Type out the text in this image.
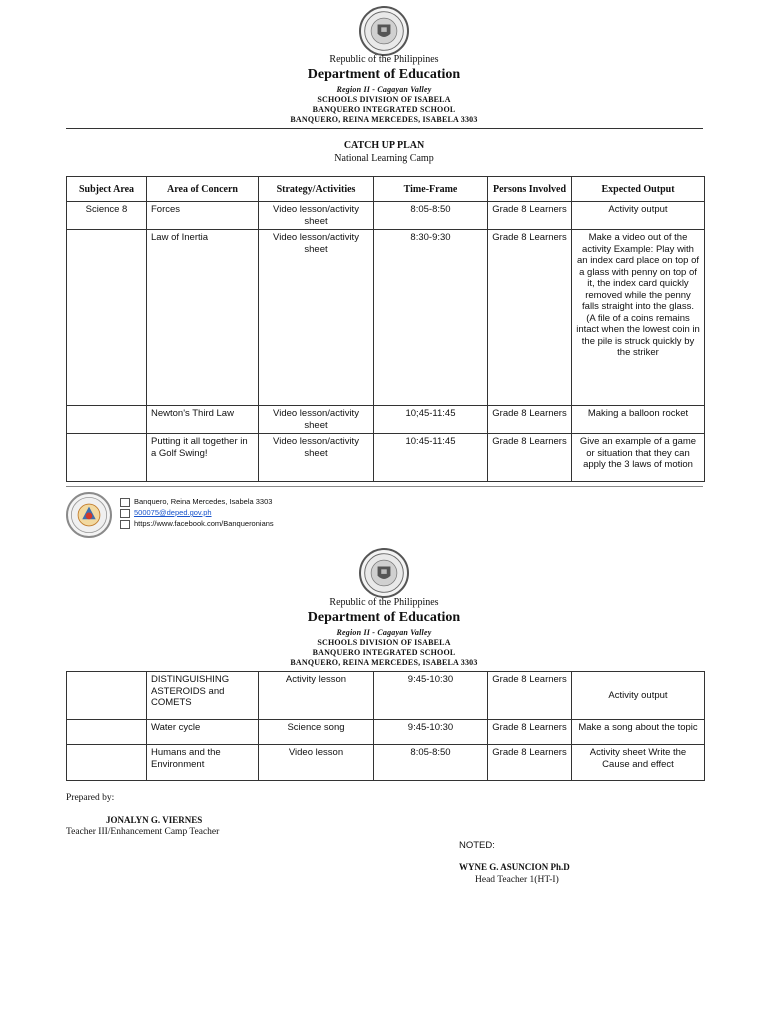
Republic of the Philippines
Department of Education
Region II - Cagayan Valley
SCHOOLS DIVISION OF ISABELA
BANQUERO INTEGRATED SCHOOL
BANQUERO, REINA MERCEDES, ISABELA 3303
CATCH UP PLAN
National Learning Camp
Subject Area	Area of Concern	Strategy/Activities	Time-Frame	Persons Involved	Expected Output
Science 8	Forces	Video lesson/activity sheet	8:05-8:50	Grade 8 Learners	Activity output
	Law of Inertia	Video lesson/activity sheet	8:30-9:30	Grade 8 Learners	Make a video out of the activity Example: Play with an index card place on top of a glass with penny on top of it, the index card quickly removed while the penny falls straight into the glass. (A file of a coins remains intact when the lowest coin in the pile is struck quickly by the striker
	Newton's Third Law	Video lesson/activity sheet	10;45-11:45	Grade 8 Learners	Making a balloon rocket
	Putting it all together in a Golf Swing!	Video lesson/activity sheet	10:45-11:45	Grade 8 Learners	Give an example of a game or situation that they can apply the 3 laws of motion
Banquero, Reina Mercedes, Isabela 3303
500075@deped.gov.ph
https://www.facebook.com/Banqueronians
Republic of the Philippines
Department of Education
Region II - Cagayan Valley
SCHOOLS DIVISION OF ISABELA
BANQUERO INTEGRATED SCHOOL
BANQUERO, REINA MERCEDES, ISABELA 3303
	DISTINGUISHING ASTEROIDS and COMETS	Activity lesson	9:45-10:30	Grade 8 Learners	Activity output
	Water cycle	Science song	9:45-10:30	Grade 8 Learners	Make a song about the topic
	Humans and the Environment	Video lesson	8:05-8:50	Grade 8 Learners	Activity sheet Write the Cause and effect
Prepared by:
JONALYN G. VIERNES
Teacher III/Enhancement Camp Teacher
NOTED:
WYNE G. ASUNCION Ph.D
Head Teacher 1(HT-I)
